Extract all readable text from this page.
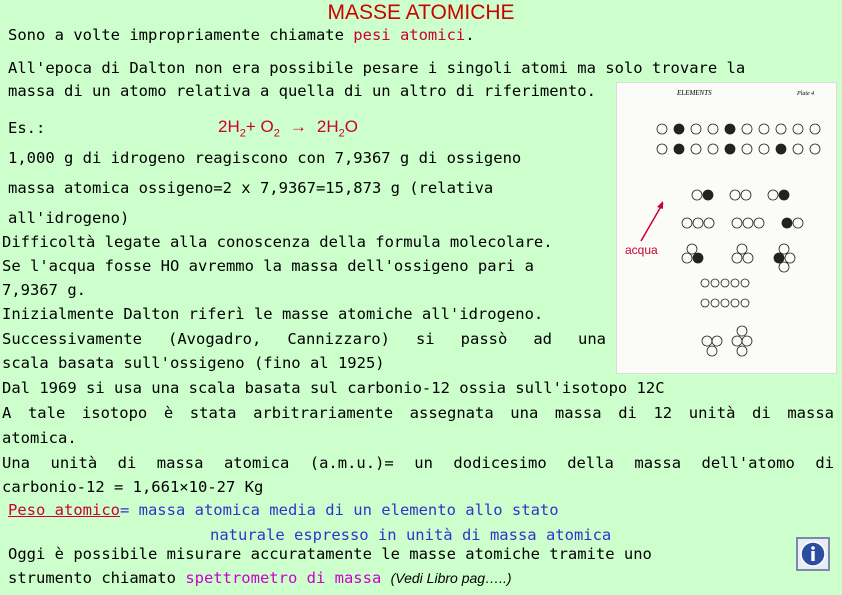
MASSE ATOMICHE
Sono a volte impropriamente chiamate pesi atomici.
All'epoca di Dalton non era possibile pesare i singoli atomi ma solo trovare la
massa di un atomo relativa a quella di un altro di riferimento.
Es.:	$2H_2+ O_2 \to 2H_2O$
1,000 g di idrogeno reagiscono con 7,9367 g di ossigeno
massa atomica ossigeno=2 x 7,9367=15,873 g (relativa
all'idrogeno)
Difficoltà legate alla conoscenza della formula molecolare.
Se l'acqua fosse HO avremmo la massa dell'ossigeno pari a
7,9367 g.
Inizialmente Dalton riferì le masse atomiche all'idrogeno.
Successivamente (Avogadro, Cannizzaro) si passò ad una
scala basata sull'ossigeno (fino al 1925)
Dal 1969 si usa una scala basata sul carbonio-12 ossia sull'isotopo 12C
A tale isotopo è stata arbitrariamente assegnata una massa di 12 unità di massa
atomica.
Una unità di massa atomica (a.m.u.)= un dodicesimo della massa dell'atomo di
carbonio-12 = 1,661×10-27 Kg
Peso atomico= massa atomica media di un elemento allo stato
naturale espresso in unità di massa atomica
Oggi è possibile misurare accuratamente le masse atomiche tramite uno
strumento chiamato spettrometro di massa (Vedi Libro pag…..)
ELEMENTS	Plate 4
acqua
